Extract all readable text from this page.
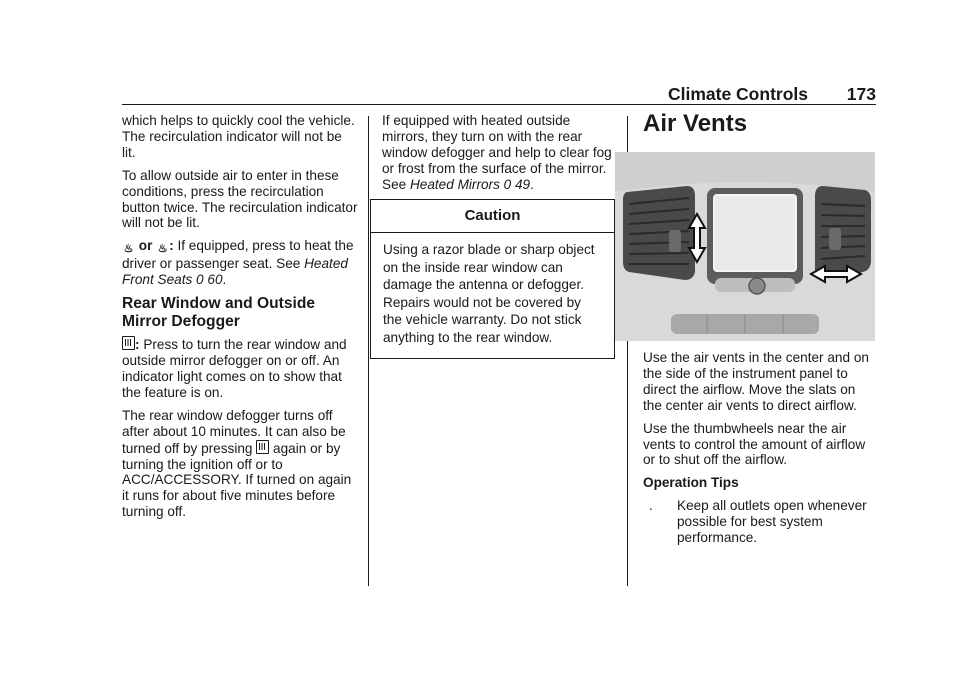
Climate Controls 173

which helps to quickly cool the vehicle. The recirculation indicator will not be lit.

To allow outside air to enter in these conditions, press the recirculation button twice. The recirculation indicator will not be lit.

♨ or ♨ : If equipped, press to heat the driver or passenger seat. See Heated Front Seats 0 60.

Rear Window and Outside Mirror Defogger

: Press to turn the rear window and outside mirror defogger on or off. An indicator light comes on to show that the feature is on.

The rear window defogger turns off after about 10 minutes. It can also be turned off by pressing again or by turning the ignition off or to ACC/ACCESSORY. If turned on again it runs for about five minutes before turning off.

If equipped with heated outside mirrors, they turn on with the rear window defogger and help to clear fog or frost from the surface of the mirror. See Heated Mirrors 0 49.

Caution
Using a razor blade or sharp object on the inside rear window can damage the antenna or defogger. Repairs would not be covered by the vehicle warranty. Do not stick anything to the rear window.
Air Vents

Use the air vents in the center and on the side of the instrument panel to direct the airflow. Move the slats on the center air vents to direct airflow.

Use the thumbwheels near the air vents to control the amount of airflow or to shut off the airflow.

Operation Tips

. Keep all outlets open whenever possible for best system performance.
